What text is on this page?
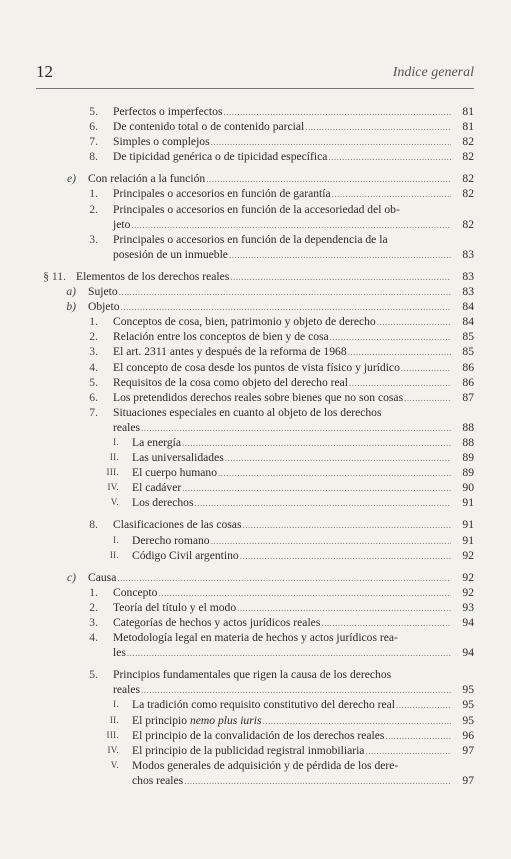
12	Indice general
5. Perfectos o imperfectos .....	81
6. De contenido total o de contenido parcial .....	81
7. Simples o complejos .....	82
8. De tipicidad genérica o de tipicidad específica .....	82
e) Con relación a la función .....	82
1. Principales o accesorios en función de garantía .....	82
2. Principales o accesorios en función de la accesoriedad del ob-
jeto .....	82
3. Principales o accesorios en función de la dependencia de la
posesión de un inmueble .....	83
§ 11. Elementos de los derechos reales .....	83
a) Sujeto .....	83
b) Objeto .....	84
1. Conceptos de cosa, bien, patrimonio y objeto de derecho .....	84
2. Relación entre los conceptos de bien y de cosa .....	85
3. El art. 2311 antes y después de la reforma de 1968 .....	85
4. El concepto de cosa desde los puntos de vista físico y jurídico .....	86
5. Requisitos de la cosa como objeto del derecho real .....	86
6. Los pretendidos derechos reales sobre bienes que no son cosas .....	87
7. Situaciones especiales en cuanto al objeto de los derechos
reales .....	88
I. La energía .....	88
II. Las universalidades .....	89
III. El cuerpo humano .....	89
IV. El cadáver .....	90
V. Los derechos .....	91
8. Clasificaciones de las cosas .....	91
I. Derecho romano .....	91
II. Código Civil argentino .....	92
c) Causa .....	92
1. Concepto .....	92
2. Teoría del título y el modo .....	93
3. Categorías de hechos y actos jurídicos reales .....	94
4. Metodología legal en materia de hechos y actos jurídicos rea-
les .....	94
5. Principios fundamentales que rigen la causa de los derechos
reales .....	95
I. La tradición como requisito constitutivo del derecho real .....	95
II. El principio nemo plus iuris .....	95
III. El principio de la convalidación de los derechos reales .....	96
IV. El principio de la publicidad registral inmobiliaria .....	97
V. Modos generales de adquisición y de pérdida de los dere-
chos reales .....	97
